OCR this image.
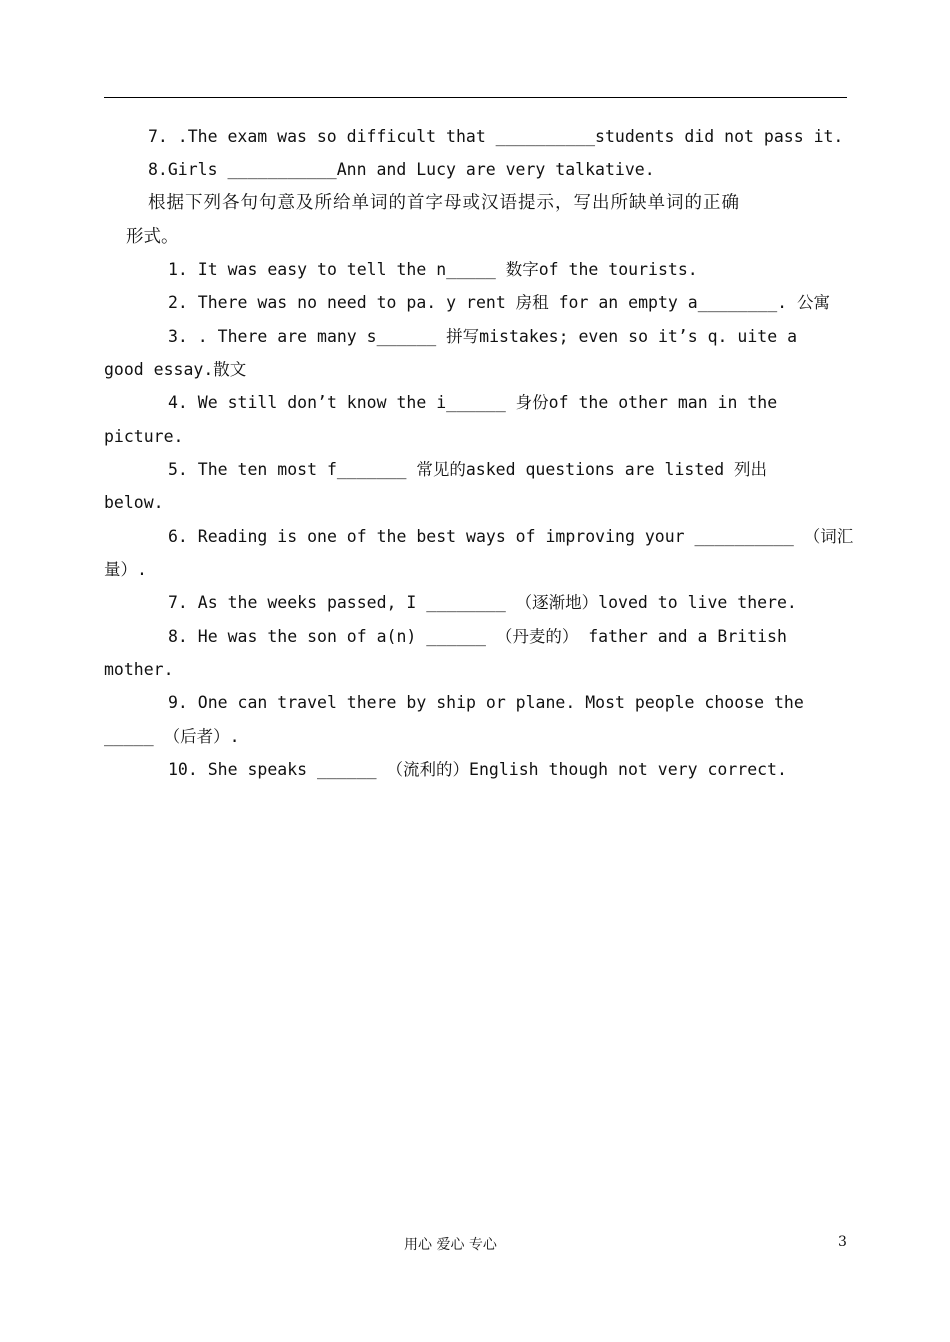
7. .The exam was so difficult that __________students did not pass it.
8.Girls ___________Ann and Lucy are very talkative.
根据下列各句句意及所给单词的首字母或汉语提示，写出所缺单词的正确
形式。
1. It was easy to tell the n_____ 数字of the tourists.
2. There was no need to pa. y rent 房租 for an empty a________. 公寓
3. . There are many s______ 拼写mistakes; even so it’s q. uite a
good essay.散文
4. We still don’t know the i______ 身份of the other man in the
picture.
5. The ten most f_______ 常见的asked questions are listed 列出
below.
6. Reading is one of the best ways of improving your __________ （词汇
量）.
7. As the weeks passed, I ________ （逐渐地）loved to live there.
8. He was the son of a(n) ______ （丹麦的） father and a British
mother.
9. One can travel there by ship or plane. Most people choose the
_____ （后者）.
10. She speaks ______ （流利的）English though not very correct.
用心 爱心 专心	3
